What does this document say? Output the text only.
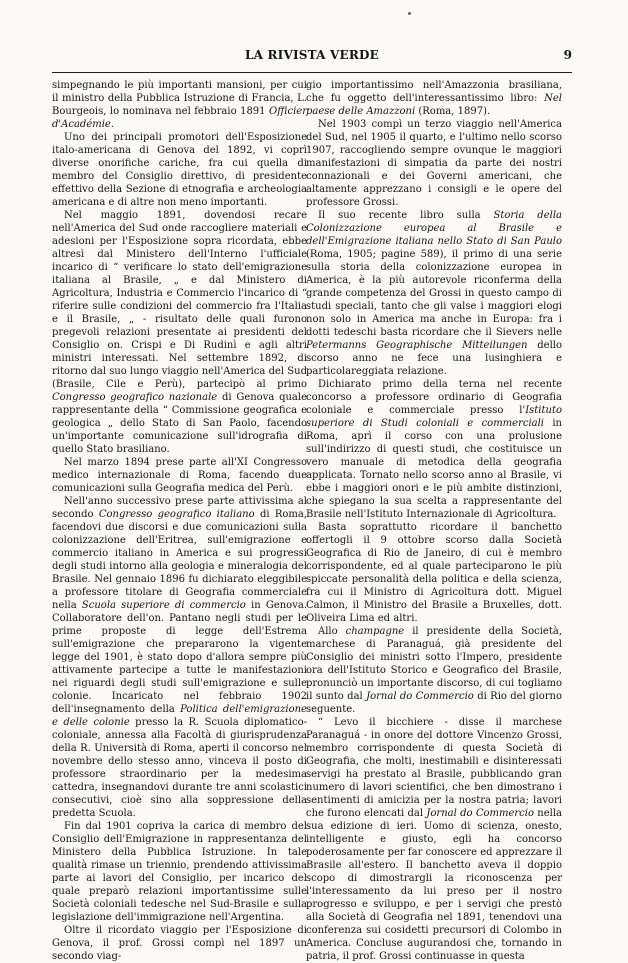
LA RIVISTA VERDE	9

simpegnando le più importanti mansioni, per cui il ministro della Pubblica Istruzione di Francia, L. Bourgeois, lo nominava nel febbraio 1891 Officier d'Académie.

Uno dei principali promotori dell'Esposizione italo-americana di Genova del 1892, vi coprì diverse onorifiche cariche, fra cui quella di membro del Consiglio direttivo, di presidente effettivo della Sezione di etnografia e archeologia americana e di altre non meno importanti.

Nel maggio 1891, dovendosi recare nell'America del Sud onde raccogliere materiali e adesioni per l'Esposizione sopra ricordata, ebbe altresì dal Ministero dell'Interno l'ufficiale incarico di “ verificare lo stato dell'emigrazione italiana al Brasile, „ e dal Ministero di Agricoltura, Industria e Commercio l'incarico di “ riferire sulle condizioni del commercio fra l'Italia e il Brasile, „ - risultato delle quali furono pregevoli relazioni presentate ai presidenti del Consiglio on. Crispi e Di Rudinì e agli altri ministri interessati. Nel settembre 1892, di ritorno dal suo lungo viaggio nell'America del Sud (Brasile, Cile e Perù), partecipò al primo Congresso geografico nazionale di Genova quale rappresentante della “ Commissione geografica e geologica „ dello Stato di San Paolo, facendo un'importante comunicazione sull'idrografia di quello Stato brasiliano.

Nel marzo 1894 prese parte all'XI Congresso medico internazionale di Roma, facendo due comunicazioni sulla Geografia medica del Perù.

Nell'anno successivo prese parte attivissima al secondo Congresso geografico italiano di Roma, facendovi due discorsi e due comunicazioni sulla colonizzazione dell'Eritrea, sull'emigrazione e commercio italiano in America e sui progressi degli studi intorno alla geologia e mineralogia del Brasile. Nel gennaio 1896 fu dichiarato eleggibile a professore titolare di Geografia commerciale nella Scuola superiore di commercio in Genova. Collaboratore dell'on. Pantano negli studi per le prime proposte di legge dell'Estrema sull'emigrazione che prepararono la vigente legge del 1901, è stato dopo d'allora sempre più attivamente partecipe a tutte le manifestazioni nei riguardi degli studi sull'emigrazione e sulle colonie. Incaricato nel febbraio 1902 dell'insegnamento della Politica dell'emigrazione e delle colonie presso la R. Scuola diplomatico-coloniale, annessa alla Facoltà di giurisprudenza della R. Università di Roma, aperti il concorso nel novembre dello stesso anno, vinceva il posto di professore straordinario per la medesima cattedra, insegnandovi durante tre anni scolastici consecutivi, cioè sino alla soppressione della predetta Scuola.

Fin dal 1901 copriva la carica di membro del Consiglio dell'Emigrazione in rappresentanza del Ministero della Pubblica Istruzione. In tale qualità rimase un triennio, prendendo attivissima parte ai lavori del Consiglio, per incarico del quale preparò relazioni importantissime sulle Società coloniali tedesche nel Sud-Brasile e sulla legislazione dell'immigrazione nell'Argentina.

Oltre il ricordato viaggio per l'Esposizione di Genova, il prof. Grossi compì nel 1897 un secondo viag-

gio importantissimo nell'Amazzonia brasiliana, che fu oggetto dell'interessantissimo libro: Nel paese delle Amazzoni (Roma, 1897).

Nel 1903 compì un terzo viaggio nell'America del Sud, nel 1905 il quarto, e l'ultimo nello scorso 1907, raccogliendo sempre ovunque le maggiori manifestazioni di simpatia da parte dei nostri connazionali e dei Governi americani, che altamente apprezzano i consigli e le opere del professore Grossi.

Il suo recente libro sulla Storia della Colonizzazione europea al Brasile e dell'Emigrazione italiana nello Stato di San Paulo (Roma, 1905; pagine 589), il primo di una serie sulla storia della colonizzazione europea in America, è la più autorevole riconferma della grande competenza del Grossi in questo campo di studi speciali, tanto che gli valse i maggiori elogi non solo in America ma anche in Europa: fra i dotti tedeschi basta ricordare che il Sievers nelle Petermanns Geographische Mitteilungen dello scorso anno ne fece una lusinghiera e particolareggiata relazione.

Dichiarato primo della terna nel recente concorso a professore ordinario di Geografia coloniale e commerciale presso l'Istituto superiore di Studi coloniali e commerciali in Roma, aprì il corso con una prolusione sull'indirizzo di questi studi, che costituisce un vero manuale di metodica della geografia applicata. Tornato nello scorso anno al Brasile, vi ebbe i maggiori onori e le più ambite distinzioni, che spiegano la sua scelta a rappresentante del Brasile nell'Istituto Internazionale di Agricoltura.

Basta soprattutto ricordare il banchetto offertogli il 9 ottobre scorso dalla Società Geografica di Rio de Janeiro, di cui è membro corrispondente, ed al quale parteciparono le più spiccate personalità della politica e della scienza, fra cui il Ministro di Agricoltura dott. Miguel Calmon, il Ministro del Brasile a Bruxelles, dott. Oliveira Lima ed altri.

Allo champagne il presidente della Società, marchese di Paranaguá, già presidente del Consiglio dei ministri sotto l'Impero, presidente ora dell'Istituto Storico e Geografico del Brasile, pronunciò un importante discorso, di cui togliamo il sunto dal Jornal do Commercio di Rio del giorno seguente.

“ Levo il bicchiere - disse il marchese Paranaguá - in onore del dottore Vincenzo Grossi, membro corrispondente di questa Società di Geografia, che molti, inestimabili e disinteressati servigi ha prestato al Brasile, pubblicando gran numero di lavori scientifici, che ben dimostrano i sentimenti di amicizia per la nostra patria; lavori che furono elencati dal Jornal do Commercio nella sua edizione di ieri. Uomo di scienza, onesto, intelligente e giusto, egli ha concorso poderosamente per far conoscere ed apprezzare il Brasile all'estero. Il banchetto aveva il doppio scopo di dimostrargli la riconoscenza per l'interessamento da lui preso per il nostro progresso e sviluppo, e per i servigi che prestò alla Società di Geografia nel 1891, tenendovi una conferenza sui cosidetti precursori di Colombo in America. Concluse augurandosi che, tornando in patria, il prof. Grossi continuasse in questa
